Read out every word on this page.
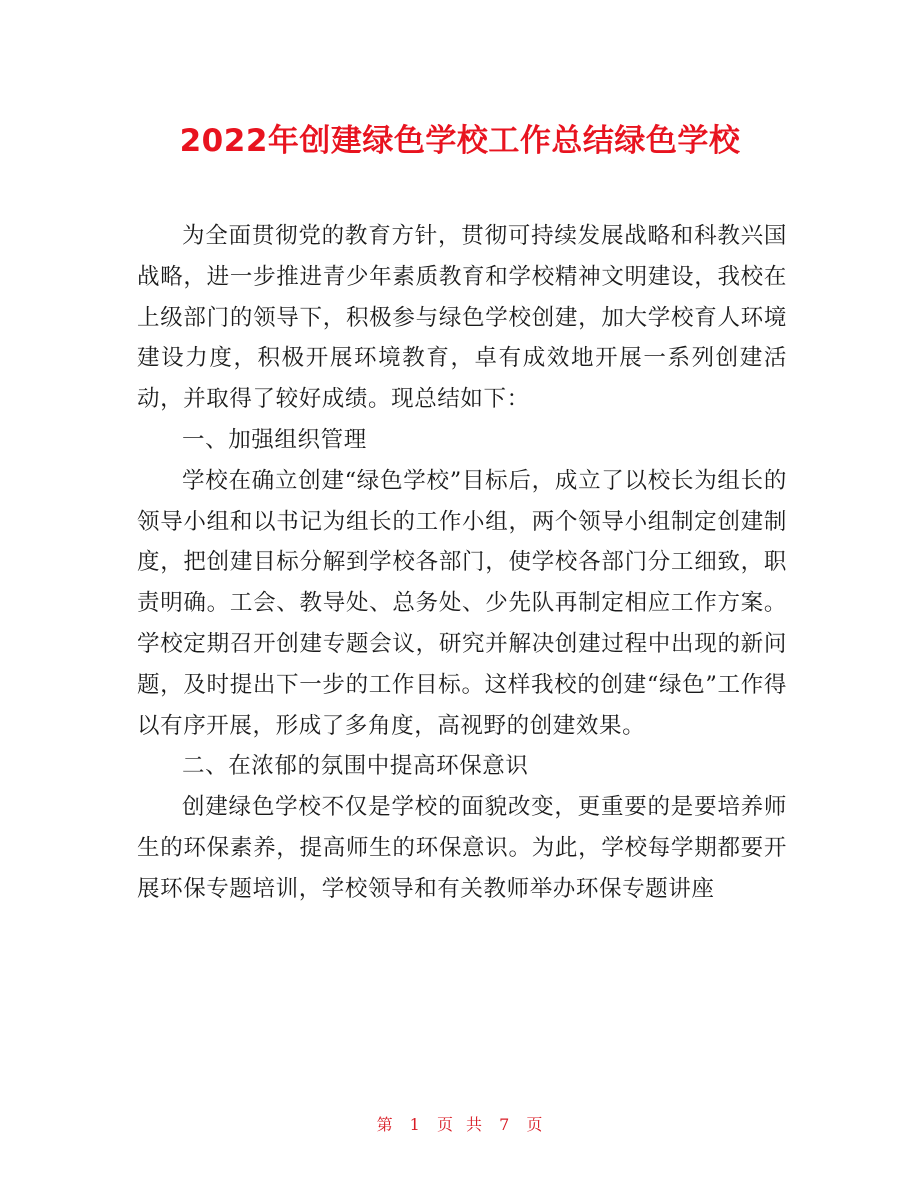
2022年创建绿色学校工作总结绿色学校

为全面贯彻党的教育方针，贯彻可持续发展战略和科教兴国战略，进一步推进青少年素质教育和学校精神文明建设，我校在上级部门的领导下，积极参与绿色学校创建，加大学校育人环境建设力度，积极开展环境教育，卓有成效地开展一系列创建活动，并取得了较好成绩。现总结如下：

一、加强组织管理

学校在确立创建“绿色学校”目标后，成立了以校长为组长的领导小组和以书记为组长的工作小组，两个领导小组制定创建制度，把创建目标分解到学校各部门，使学校各部门分工细致，职责明确。工会、教导处、总务处、少先队再制定相应工作方案。学校定期召开创建专题会议，研究并解决创建过程中出现的新问题，及时提出下一步的工作目标。这样我校的创建“绿色”工作得以有序开展，形成了多角度，高视野的创建效果。

二、在浓郁的氛围中提高环保意识

创建绿色学校不仅是学校的面貌改变，更重要的是要培养师生的环保素养，提高师生的环保意识。为此，学校每学期都要开展环保专题培训，学校领导和有关教师举办环保专题讲座

第 1 页 共 7 页
